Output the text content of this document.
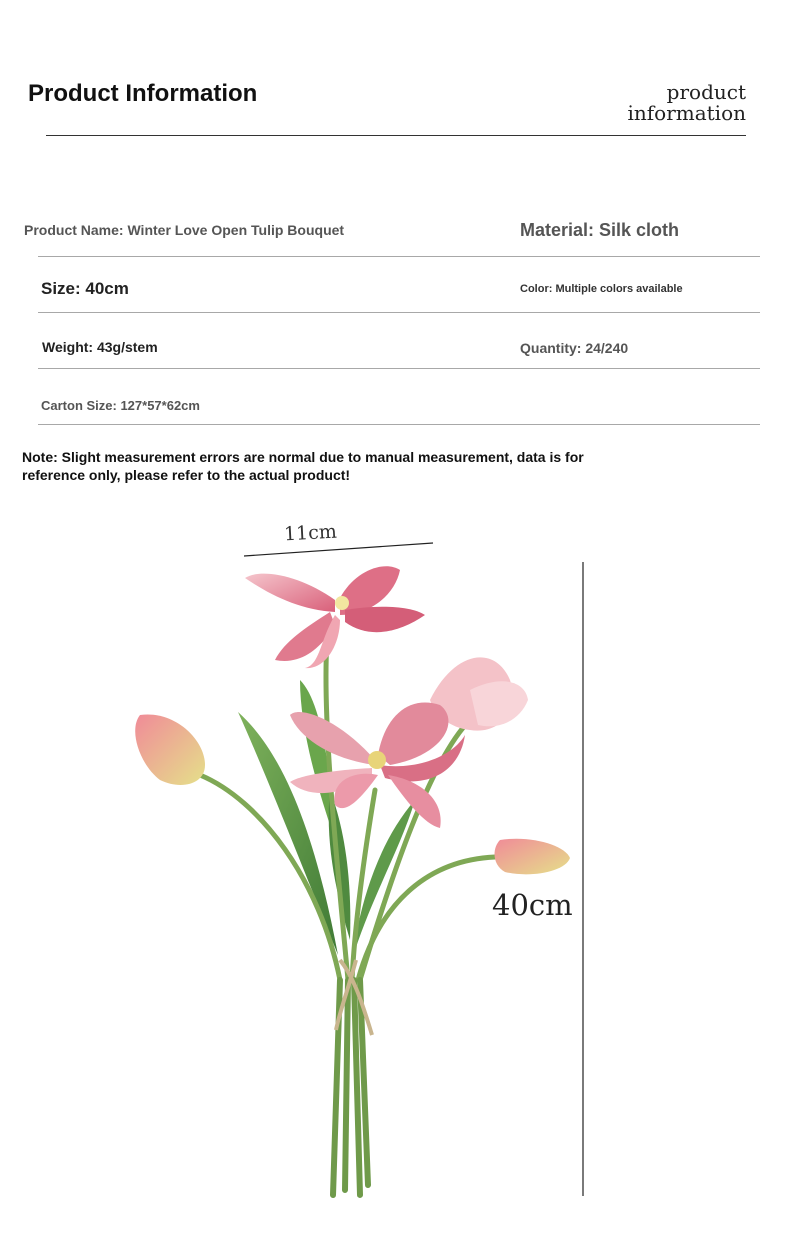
Product Information	product
information
Product Name: Winter Love Open Tulip Bouquet	Material: Silk cloth
Size: 40cm	Color: Multiple colors available
Weight: 43g/stem	Quantity: 24/240
Carton Size: 127*57*62cm
Note: Slight measurement errors are normal due to manual measurement, data is for reference only, please refer to the actual product!
11cm
40cm
